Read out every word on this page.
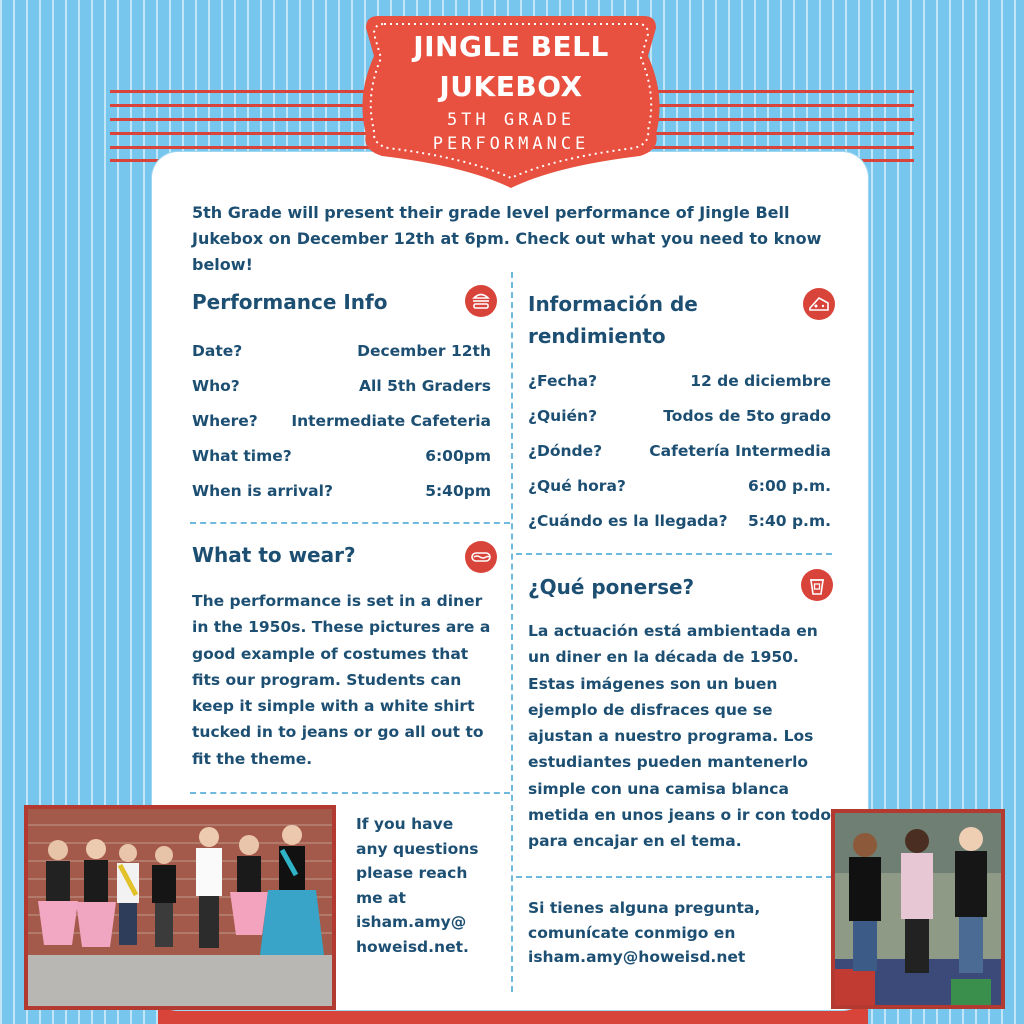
JINGLE BELL
JUKEBOX
5TH GRADE
PERFORMANCE
5th Grade will present their grade level performance of Jingle Bell Jukebox on December 12th at 6pm. Check out what you need to know below!
Performance Info
Date?	December 12th
Who?	All 5th Graders
Where?	Intermediate Cafeteria
What time?	6:00pm
When is arrival?	5:40pm
Información de
rendimiento
¿Fecha?	12 de diciembre
¿Quién?	Todos de 5to grado
¿Dónde?	Cafetería Intermedia
¿Qué hora?	6:00 p.m.
¿Cuándo es la llegada?	5:40 p.m.
What to wear?
The performance is set in a diner
in the 1950s. These pictures are a
good example of costumes that
fits our program. Students can
keep it simple with a white shirt
tucked in to jeans or go all out to
fit the theme.
¿Qué ponerse?
La actuación está ambientada en
un diner en la década de 1950.
Estas imágenes son un buen
ejemplo de disfraces que se
ajustan a nuestro programa. Los
estudiantes pueden mantenerlo
simple con una camisa blanca
metida en unos jeans o ir con todo
para encajar en el tema.
If you have
any questions
please reach
me at
isham.amy@
howeisd.net.
Si tienes alguna pregunta,
comunícate conmigo en
isham.amy@howeisd.net
